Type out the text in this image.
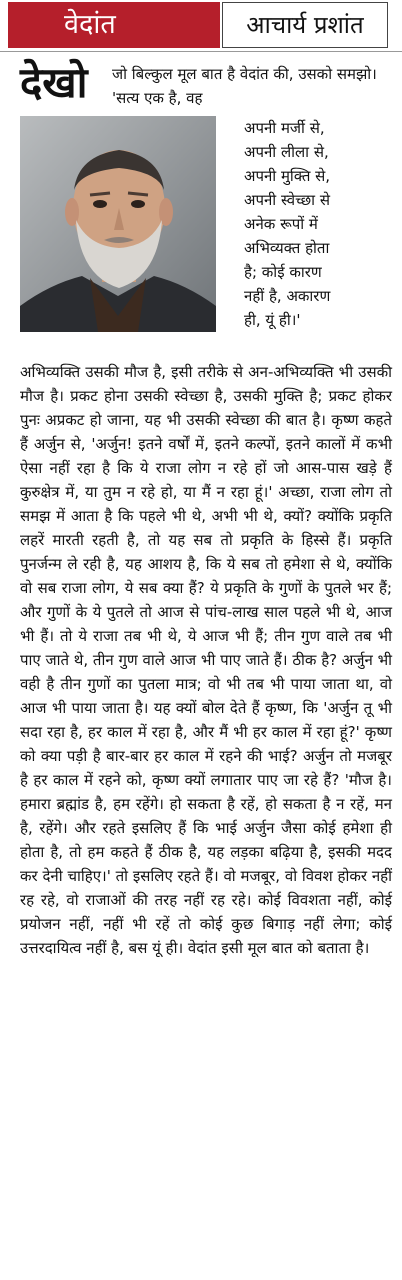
वेदांत	आचार्य प्रशांत
देखो	जो बिल्कुल मूल बात है वेदांत की, उसको समझो। 'सत्य एक है, वह
अपनी मर्जी से,
अपनी लीला से,
अपनी मुक्ति से,
अपनी स्वेच्छा से
अनेक रूपों में
अभिव्यक्त होता
है; कोई कारण
नहीं है, अकारण
ही, यूं ही।'
अभिव्यक्ति उसकी मौज है, इसी तरीके से अन-अभिव्यक्ति भी उसकी मौज है। प्रकट होना उसकी स्वेच्छा है, उसकी मुक्ति है; प्रकट होकर पुनः अप्रकट हो जाना, यह भी उसकी स्वेच्छा की बात है। कृष्ण कहते हैं अर्जुन से, 'अर्जुन! इतने वर्षों में, इतने कल्पों, इतने कालों में कभी ऐसा नहीं रहा है कि ये राजा लोग न रहे हों जो आस-पास खड़े हैं कुरुक्षेत्र में, या तुम न रहे हो, या मैं न रहा हूं।' अच्छा, राजा लोग तो समझ में आता है कि पहले भी थे, अभी भी थे, क्यों? क्योंकि प्रकृति लहरें मारती रहती है, तो यह सब तो प्रकृति के हिस्से हैं। प्रकृति पुनर्जन्म ले रही है, यह आशय है, कि ये सब तो हमेशा से थे, क्योंकि वो सब राजा लोग, ये सब क्या हैं? ये प्रकृति के गुणों के पुतले भर हैं; और गुणों के ये पुतले तो आज से पांच-लाख साल पहले भी थे, आज भी हैं। तो ये राजा तब भी थे, ये आज भी हैं; तीन गुण वाले तब भी पाए जाते थे, तीन गुण वाले आज भी पाए जाते हैं। ठीक है? अर्जुन भी वही है तीन गुणों का पुतला मात्र; वो भी तब भी पाया जाता था, वो आज भी पाया जाता है। यह क्यों बोल देते हैं कृष्ण, कि 'अर्जुन तू भी सदा रहा है, हर काल में रहा है, और मैं भी हर काल में रहा हूं?' कृष्ण को क्या पड़ी है बार-बार हर काल में रहने की भाई? अर्जुन तो मजबूर है हर काल में रहने को, कृष्ण क्यों लगातार पाए जा रहे हैं? 'मौज है। हमारा ब्रह्मांड है, हम रहेंगे। हो सकता है रहें, हो सकता है न रहें, मन है, रहेंगे। और रहते इसलिए हैं कि भाई अर्जुन जैसा कोई हमेशा ही होता है, तो हम कहते हैं ठीक है, यह लड़का बढ़िया है, इसकी मदद कर देनी चाहिए।' तो इसलिए रहते हैं। वो मजबूर, वो विवश होकर नहीं रह रहे, वो राजाओं की तरह नहीं रह रहे। कोई विवशता नहीं, कोई प्रयोजन नहीं, नहीं भी रहें तो कोई कुछ बिगाड़ नहीं लेगा; कोई उत्तरदायित्व नहीं है, बस यूं ही। वेदांत इसी मूल बात को बताता है।
